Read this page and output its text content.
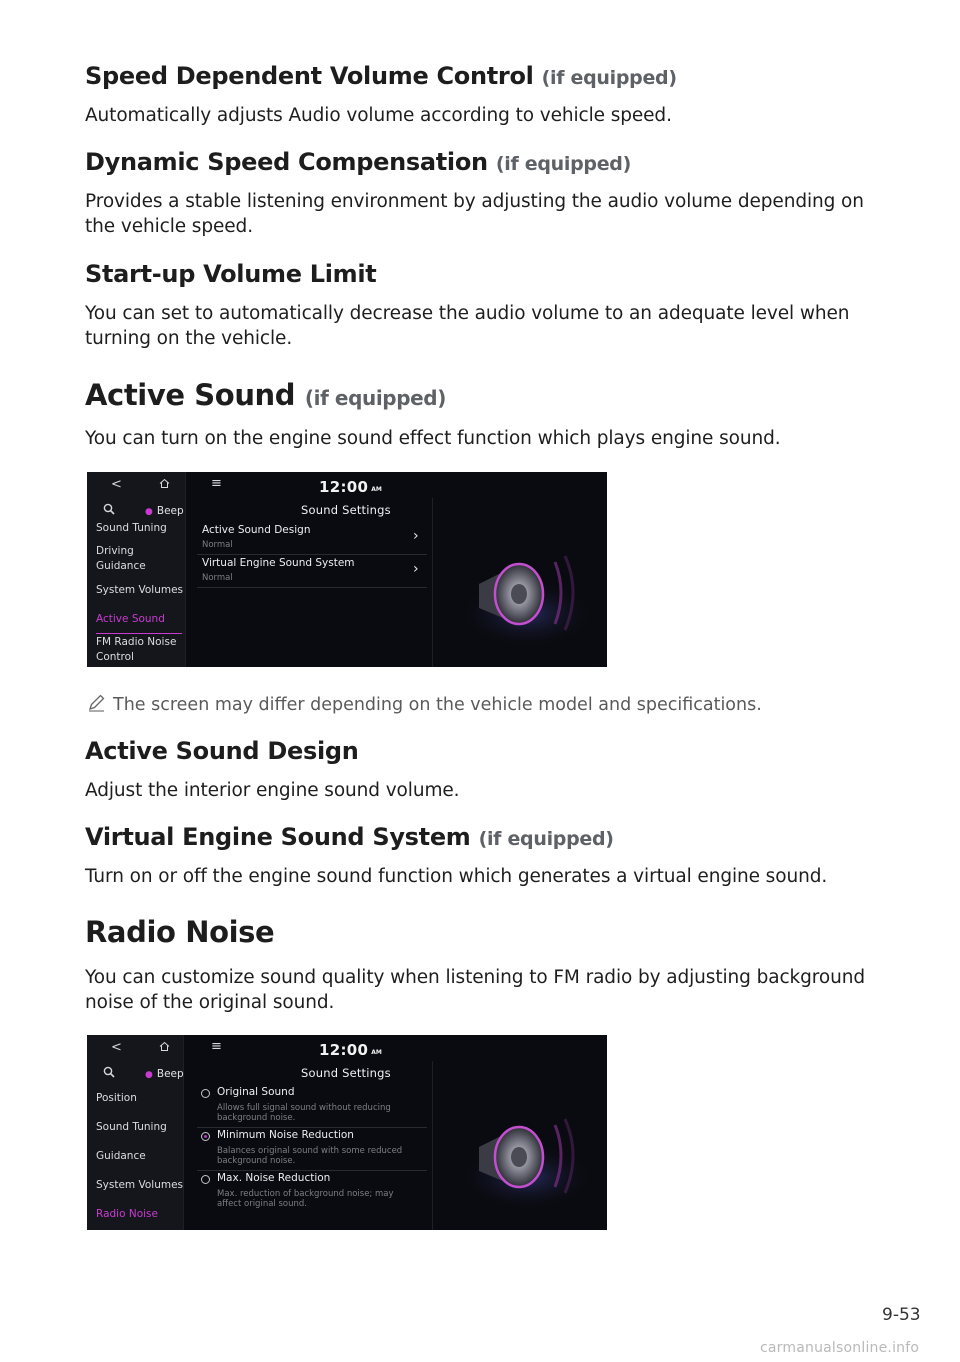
Speed Dependent Volume Control (if equipped)
Automatically adjusts Audio volume according to vehicle speed.
Dynamic Speed Compensation (if equipped)
Provides a stable listening environment by adjusting the audio volume depending on the vehicle speed.
Start-up Volume Limit
You can set to automatically decrease the audio volume to an adequate level when turning on the vehicle.
Active Sound (if equipped)
You can turn on the engine sound effect function which plays engine sound.
<	≡	12:00 AM
● Beep	Sound Settings
Sound Tuning
Driving Guidance
System Volumes
Active Sound
FM Radio Noise Control
Active Sound Design
Normal
›
Virtual Engine Sound System
Normal
›
The screen may differ depending on the vehicle model and specifications.
Active Sound Design
Adjust the interior engine sound volume.
Virtual Engine Sound System (if equipped)
Turn on or off the engine sound function which generates a virtual engine sound.
Radio Noise
You can customize sound quality when listening to FM radio by adjusting background noise of the original sound.
<	≡	12:00 AM
● Beep	Sound Settings
Position
Sound Tuning
Guidance
System Volumes
Radio Noise
Original Sound
Allows full signal sound without reducing background noise.
Minimum Noise Reduction
Balances original sound with some reduced background noise.
Max. Noise Reduction
Max. reduction of background noise; may affect original sound.
9-53
carmanualsonline.info
